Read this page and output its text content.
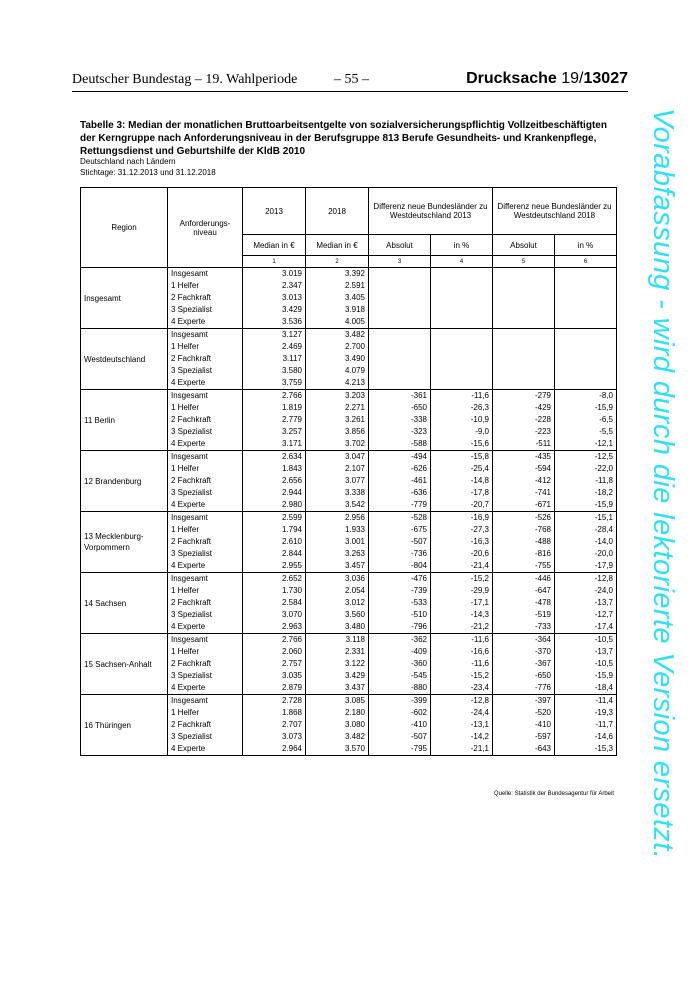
Deutscher Bundestag – 19. Wahlperiode	– 55 –	Drucksache 19/13027
Tabelle 3: Median der monatlichen Bruttoarbeitsentgelte von sozialversicherungspflichtig Vollzeitbeschäftigten der Kerngruppe nach Anforderungsniveau in der Berufsgruppe 813 Berufe Gesundheits- und Krankenpflege, Rettungsdienst und Geburtshilfe der KldB 2010
Deutschland nach Ländern
Stichtage: 31.12.2013 und 31.12.2018
Region	Anforderungs-niveau	2013	2018	Differenz neue Bundesländer zu Westdeutschland 2013		Differenz neue Bundesländer zu Westdeutschland 2018	
		Median in €	Median in €	Absolut	in %	Absolut	in %
		1	2	3	4	5	6
Insgesamt	Insgesamt	3.019	3.392				
	1 Helfer	2.347	2.591				
	2 Fachkraft	3.013	3.405				
	3 Spezialist	3.429	3.918				
	4 Experte	3.536	4.005				
Westdeutschland	Insgesamt	3.127	3.482				
	1 Helfer	2.469	2.700				
	2 Fachkraft	3.117	3.490				
	3 Spezialist	3.580	4.079				
	4 Experte	3.759	4.213				
11 Berlin	Insgesamt	2.766	3.203	-361	-11,6	-279	-8,0
	1 Helfer	1.819	2.271	-650	-26,3	-429	-15,9
	2 Fachkraft	2.779	3.261	-338	-10,9	-228	-6,5
	3 Spezialist	3.257	3.856	-323	-9,0	-223	-5,5
	4 Experte	3.171	3.702	-588	-15,6	-511	-12,1
12 Brandenburg	Insgesamt	2.634	3.047	-494	-15,8	-435	-12,5
	1 Helfer	1.843	2.107	-626	-25,4	-594	-22,0
	2 Fachkraft	2.656	3.077	-461	-14,8	-412	-11,8
	3 Spezialist	2.944	3.338	-636	-17,8	-741	-18,2
	4 Experte	2.980	3.542	-779	-20,7	-671	-15,9
13 Mecklenburg-Vorpommern	Insgesamt	2.599	2.956	-528	-16,9	-526	-15,1
	1 Helfer	1.794	1.933	-675	-27,3	-768	-28,4
	2 Fachkraft	2.610	3.001	-507	-16,3	-488	-14,0
	3 Spezialist	2.844	3.263	-736	-20,6	-816	-20,0
	4 Experte	2.955	3.457	-804	-21,4	-755	-17,9
14 Sachsen	Insgesamt	2.652	3.036	-476	-15,2	-446	-12,8
	1 Helfer	1.730	2.054	-739	-29,9	-647	-24,0
	2 Fachkraft	2.584	3.012	-533	-17,1	-478	-13,7
	3 Spezialist	3.070	3.560	-510	-14,3	-519	-12,7
	4 Experte	2.963	3.480	-796	-21,2	-733	-17,4
15 Sachsen-Anhalt	Insgesamt	2.766	3.118	-362	-11,6	-364	-10,5
	1 Helfer	2.060	2.331	-409	-16,6	-370	-13,7
	2 Fachkraft	2.757	3.122	-360	-11,6	-367	-10,5
	3 Spezialist	3.035	3.429	-545	-15,2	-650	-15,9
	4 Experte	2.879	3.437	-880	-23,4	-776	-18,4
16 Thüringen	Insgesamt	2.728	3.085	-399	-12,8	-397	-11,4
	1 Helfer	1.868	2.180	-602	-24,4	-520	-19,3
	2 Fachkraft	2.707	3.080	-410	-13,1	-410	-11,7
	3 Spezialist	3.073	3.482	-507	-14,2	-597	-14,6
	4 Experte	2.964	3.570	-795	-21,1	-643	-15,3
Quelle: Statistik der Bundesagentur für Arbeit Vorabfassung - wird durch die lektorierte Version ersetzt.
